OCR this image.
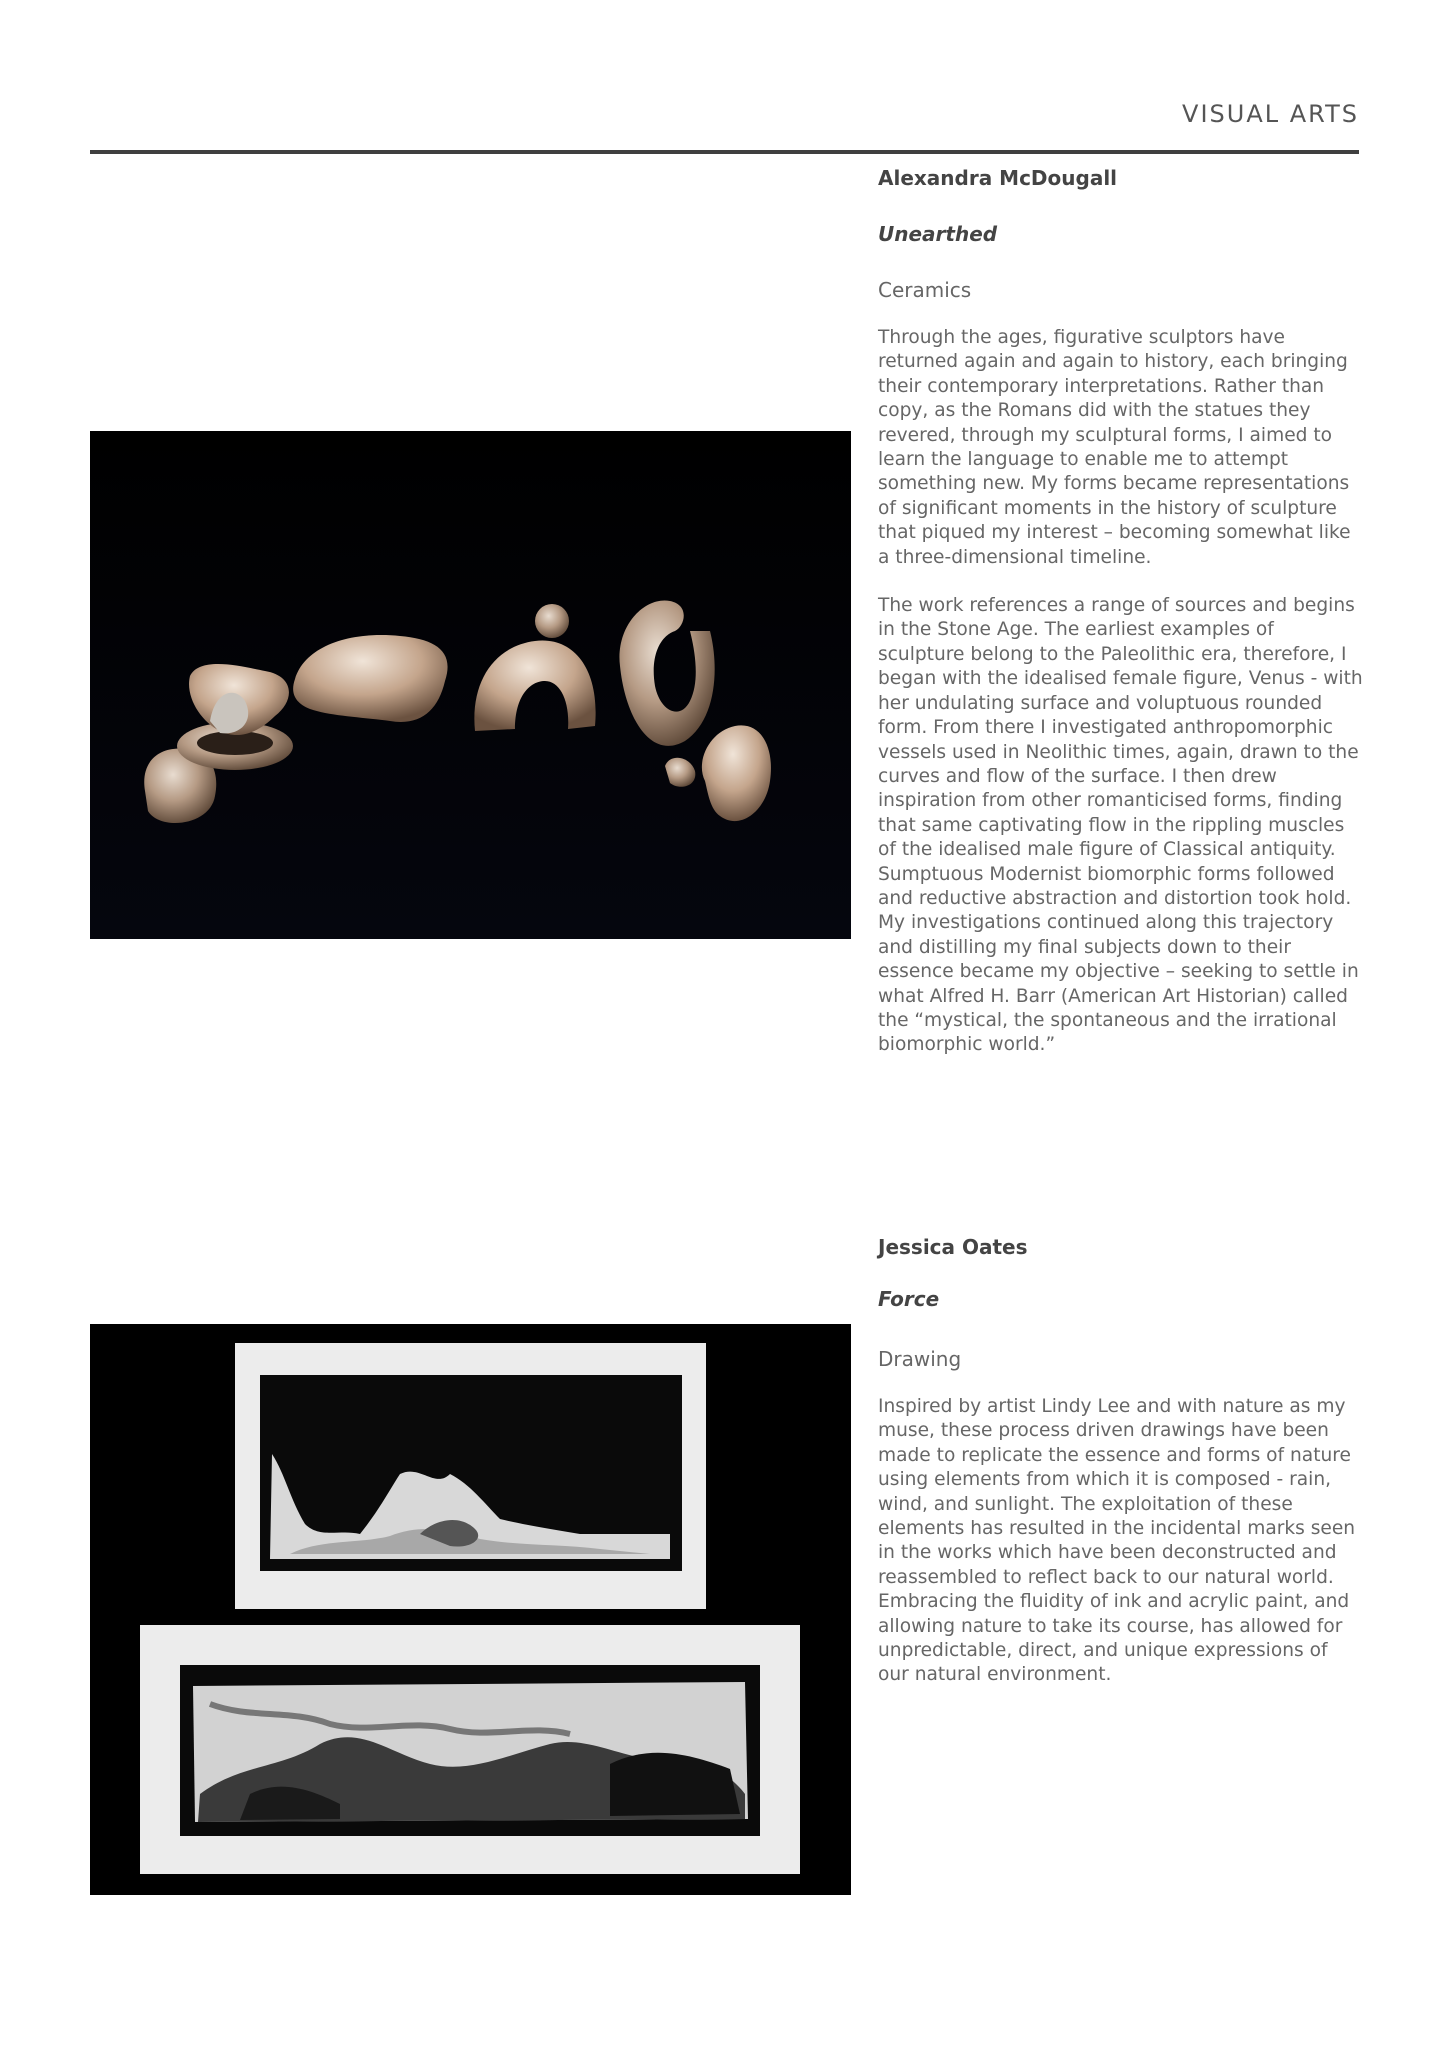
VISUAL ARTS

Alexandra McDougall

Unearthed

Ceramics

Through the ages, figurative sculptors have returned again and again to history, each bringing their contemporary interpretations. Rather than copy, as the Romans did with the statues they revered, through my sculptural forms, I aimed to learn the language to enable me to attempt something new. My forms became representations of significant moments in the history of sculpture that piqued my interest – becoming somewhat like a three-dimensional timeline.

The work references a range of sources and begins in the Stone Age. The earliest examples of sculpture belong to the Paleolithic era, therefore, I began with the idealised female figure, Venus - with her undulating surface and voluptuous rounded form. From there I investigated anthropomorphic vessels used in Neolithic times, again, drawn to the curves and flow of the surface. I then drew inspiration from other romanticised forms, finding that same captivating flow in the rippling muscles of the idealised male figure of Classical antiquity. Sumptuous Modernist biomorphic forms followed and reductive abstraction and distortion took hold. My investigations continued along this trajectory and distilling my final subjects down to their essence became my objective – seeking to settle in what Alfred H. Barr (American Art Historian) called the “mystical, the spontaneous and the irrational biomorphic world.”

Jessica Oates

Force

Drawing

Inspired by artist Lindy Lee and with nature as my muse, these process driven drawings have been made to replicate the essence and forms of nature using elements from which it is composed - rain, wind, and sunlight. The exploitation of these elements has resulted in the incidental marks seen in the works which have been deconstructed and reassembled to reflect back to our natural world. Embracing the fluidity of ink and acrylic paint, and allowing nature to take its course, has allowed for unpredictable, direct, and unique expressions of our natural environment.
